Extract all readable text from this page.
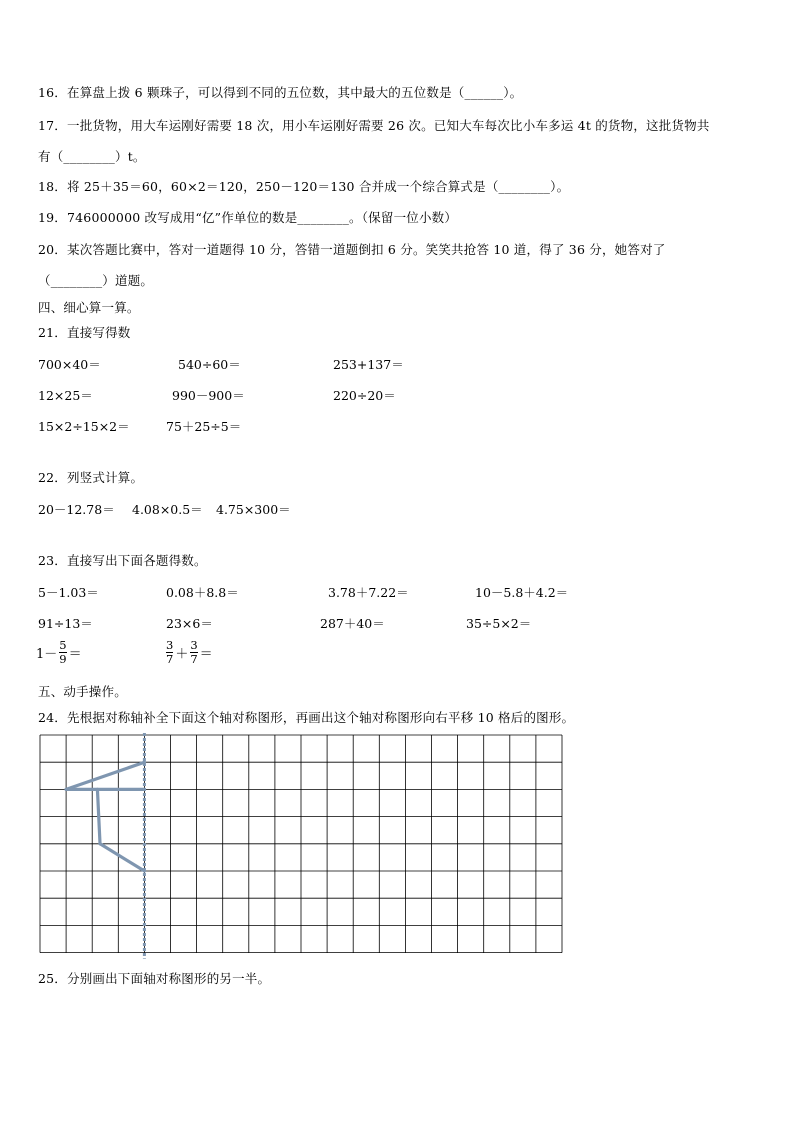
16．在算盘上拨 6 颗珠子，可以得到不同的五位数，其中最大的五位数是（______）。
17．一批货物，用大车运刚好需要 18 次，用小车运刚好需要 26 次。已知大车每次比小车多运 4t 的货物，这批货物共
有（________）t。
18．将 25＋35＝60，60×2＝120，250－120＝130 合并成一个综合算式是（________）。
19．746000000 改写成用“亿”作单位的数是________。（保留一位小数）
20．某次答题比赛中，答对一道题得 10 分，答错一道题倒扣 6 分。笑笑共抢答 10 道，得了 36 分，她答对了
（________）道题。
四、细心算一算。
21．直接写得数
700×40＝	540÷60＝	253+137＝
12×25＝	990－900＝	220÷20＝
15×2÷15×2＝	75＋25÷5＝
22．列竖式计算。
20－12.78＝ 4.08×0.5＝ 4.75×300＝
23．直接写出下面各题得数。
5－1.03＝	0.08＋8.8＝	3.78＋7.22＝	10－5.8＋4.2＝
91÷13＝	23×6＝	287＋40＝	35÷5×2＝
$1- \frac{5}{9}$ ＝	$\frac{3}{7} + \frac{3}{7}$ ＝
五、动手操作。
24．先根据对称轴补全下面这个轴对称图形，再画出这个轴对称图形向右平移 10 格后的图形。
25．分别画出下面轴对称图形的另一半。
